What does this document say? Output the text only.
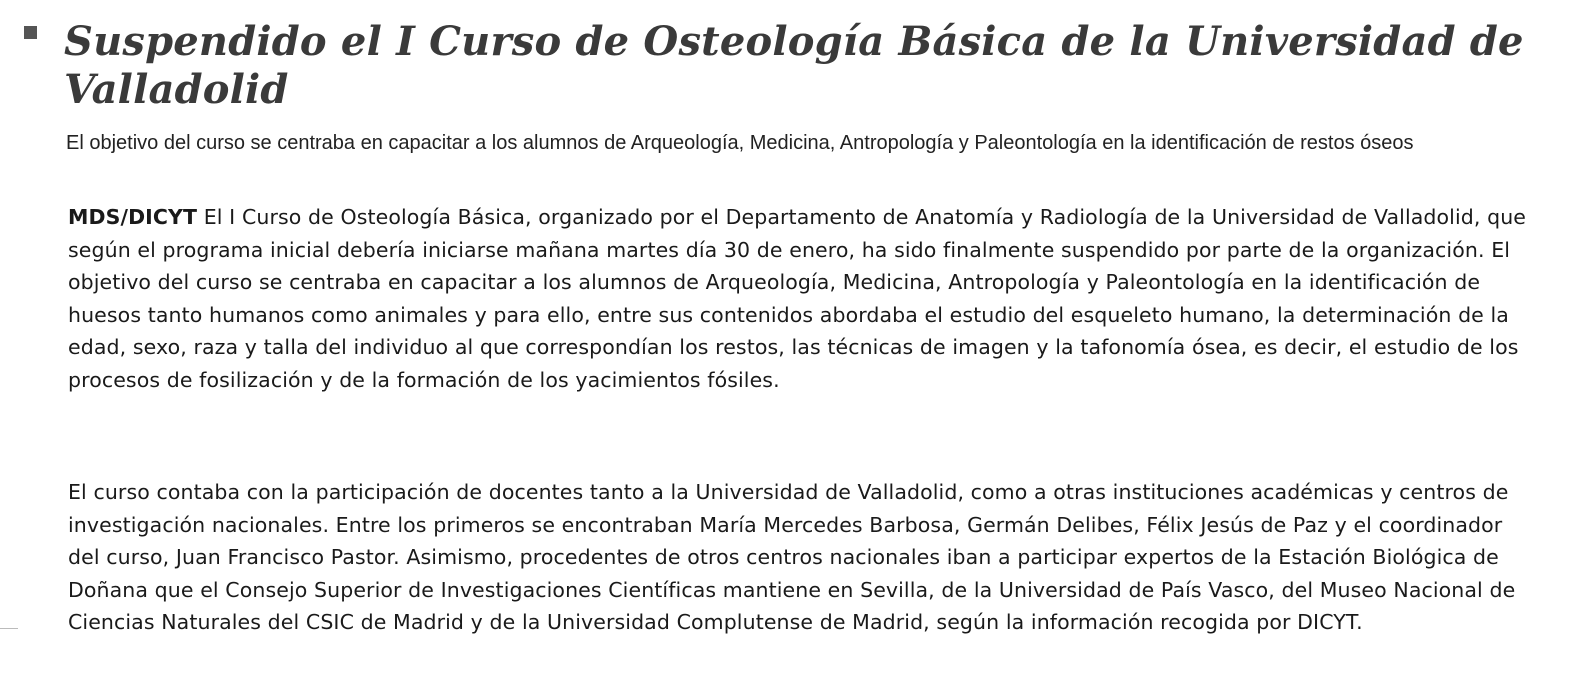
Suspendido el I Curso de Osteología Básica de la Universidad de Valladolid

El objetivo del curso se centraba en capacitar a los alumnos de Arqueología, Medicina, Antropología y Paleontología en la identificación de restos óseos

MDS/DICYT El I Curso de Osteología Básica, organizado por el Departamento de Anatomía y Radiología de la Universidad de Valladolid, que según el programa inicial debería iniciarse mañana martes día 30 de enero, ha sido finalmente suspendido por parte de la organización. El objetivo del curso se centraba en capacitar a los alumnos de Arqueología, Medicina, Antropología y Paleontología en la identificación de huesos tanto humanos como animales y para ello, entre sus contenidos abordaba el estudio del esqueleto humano, la determinación de la edad, sexo, raza y talla del individuo al que correspondían los restos, las técnicas de imagen y la tafonomía ósea, es decir, el estudio de los procesos de fosilización y de la formación de los yacimientos fósiles.

El curso contaba con la participación de docentes tanto a la Universidad de Valladolid, como a otras instituciones académicas y centros de investigación nacionales. Entre los primeros se encontraban María Mercedes Barbosa, Germán Delibes, Félix Jesús de Paz y el coordinador del curso, Juan Francisco Pastor. Asimismo, procedentes de otros centros nacionales iban a participar expertos de la Estación Biológica de Doñana que el Consejo Superior de Investigaciones Científicas mantiene en Sevilla, de la Universidad de País Vasco, del Museo Nacional de Ciencias Naturales del CSIC de Madrid y de la Universidad Complutense de Madrid, según la información recogida por DICYT.
